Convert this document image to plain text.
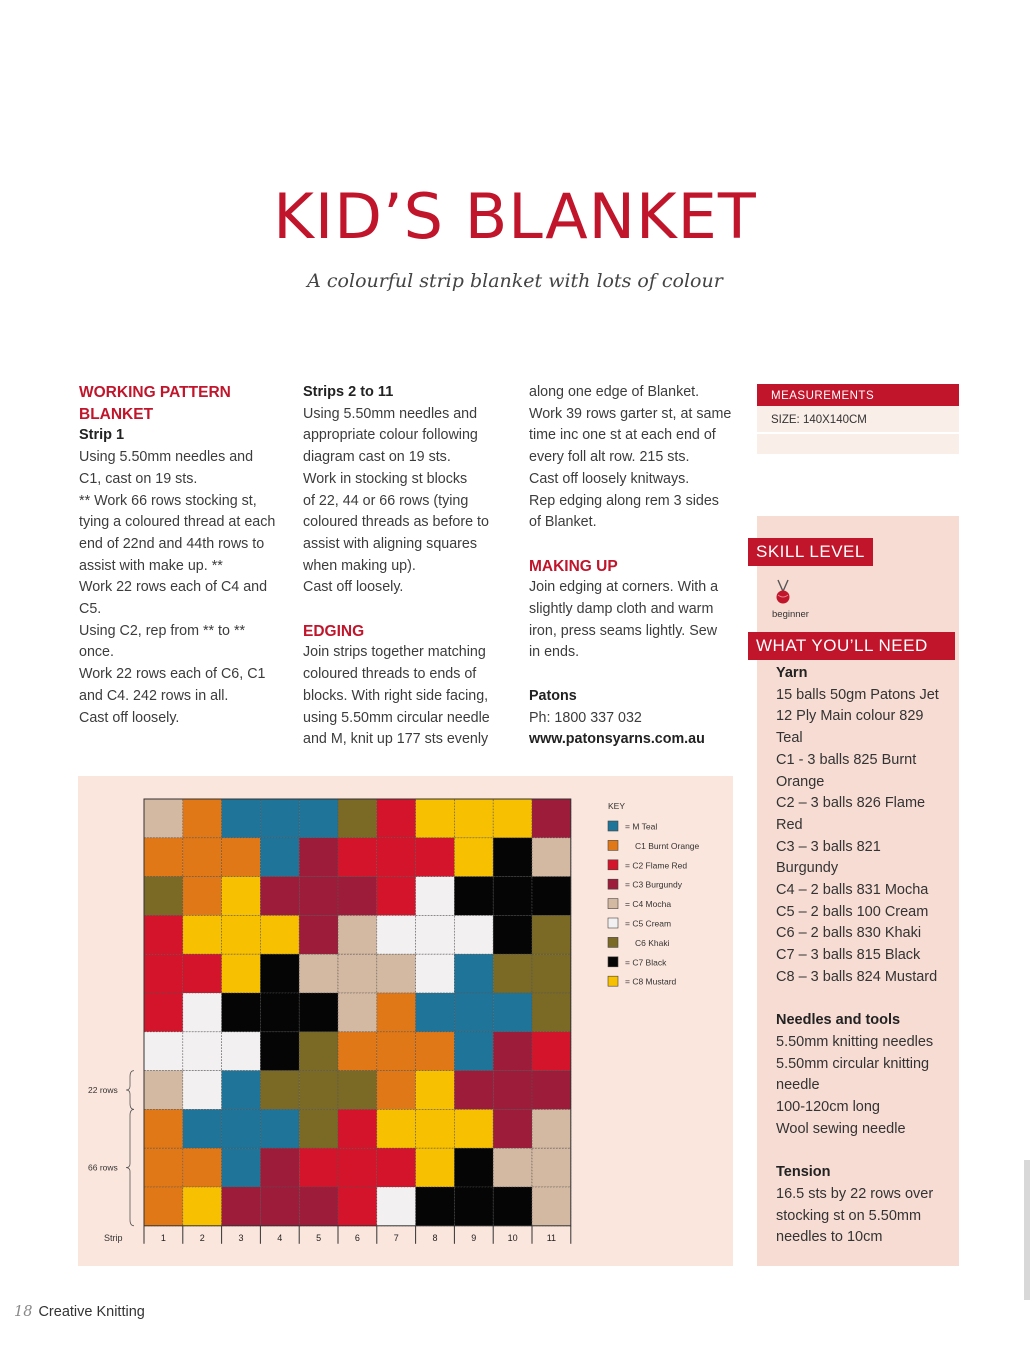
KID’S BLANKET
A colourful strip blanket with lots of colour

WORKING PATTERN

BLANKET

Strip 1

Using 5.50mm needles and

C1, cast on 19 sts.

** Work 66 rows stocking st,

tying a coloured thread at each

end of 22nd and 44th rows to

assist with make up. **

Work 22 rows each of C4 and

C5.

Using C2, rep from ** to **

once.

Work 22 rows each of C6, C1

and C4. 242 rows in all.

Cast off loosely.

Strips 2 to 11

Using 5.50mm needles and

appropriate colour following

diagram cast on 19 sts.

Work in stocking st blocks

of 22, 44 or 66 rows (tying

coloured threads as before to

assist with aligning squares

when making up).

Cast off loosely.

EDGING

Join strips together matching

coloured threads to ends of

blocks. With right side facing,

using 5.50mm circular needle

and M, knit up 177 sts evenly

along one edge of Blanket.

Work 39 rows garter st, at same

time inc one st at each end of

every foll alt row. 215 sts.

Cast off loosely knitways.

Rep edging along rem 3 sides

of Blanket.

MAKING UP

Join edging at corners. With a

slightly damp cloth and warm

iron, press seams lightly. Sew

in ends.

Patons

Ph: 1800 337 032

www.patonsyarns.com.au

MEASUREMENTS
SIZE: 140X140CM
SKILL LEVEL
beginner
WHAT YOU’LL NEED

Yarn

15 balls 50gm Patons Jet

12 Ply Main colour 829

Teal

C1 - 3 balls 825 Burnt

Orange

C2 – 3 balls 826 Flame

Red

C3 – 3 balls 821

Burgundy

C4 – 2 balls 831 Mocha

C5 – 2 balls 100 Cream

C6 – 2 balls 830 Khaki

C7 – 3 balls 815 Black

C8 – 3 balls 824 Mustard

Needles and tools

5.50mm knitting needles

5.50mm circular knitting

needle

100-120cm long

Wool sewing needle

Tension

16.5 sts by 22 rows over

stocking st on 5.50mm

needles to 10cm

1	2	3	4	5	6	7	8	9	10	11
Strip
22 rows
66 rows
KEY
= M Teal
C1 Burnt Orange
= C2 Flame Red
= C3 Burgundy
= C4 Mocha
= C5 Cream
C6 Khaki
= C7 Black
= C8 Mustard
18 Creative Knitting
